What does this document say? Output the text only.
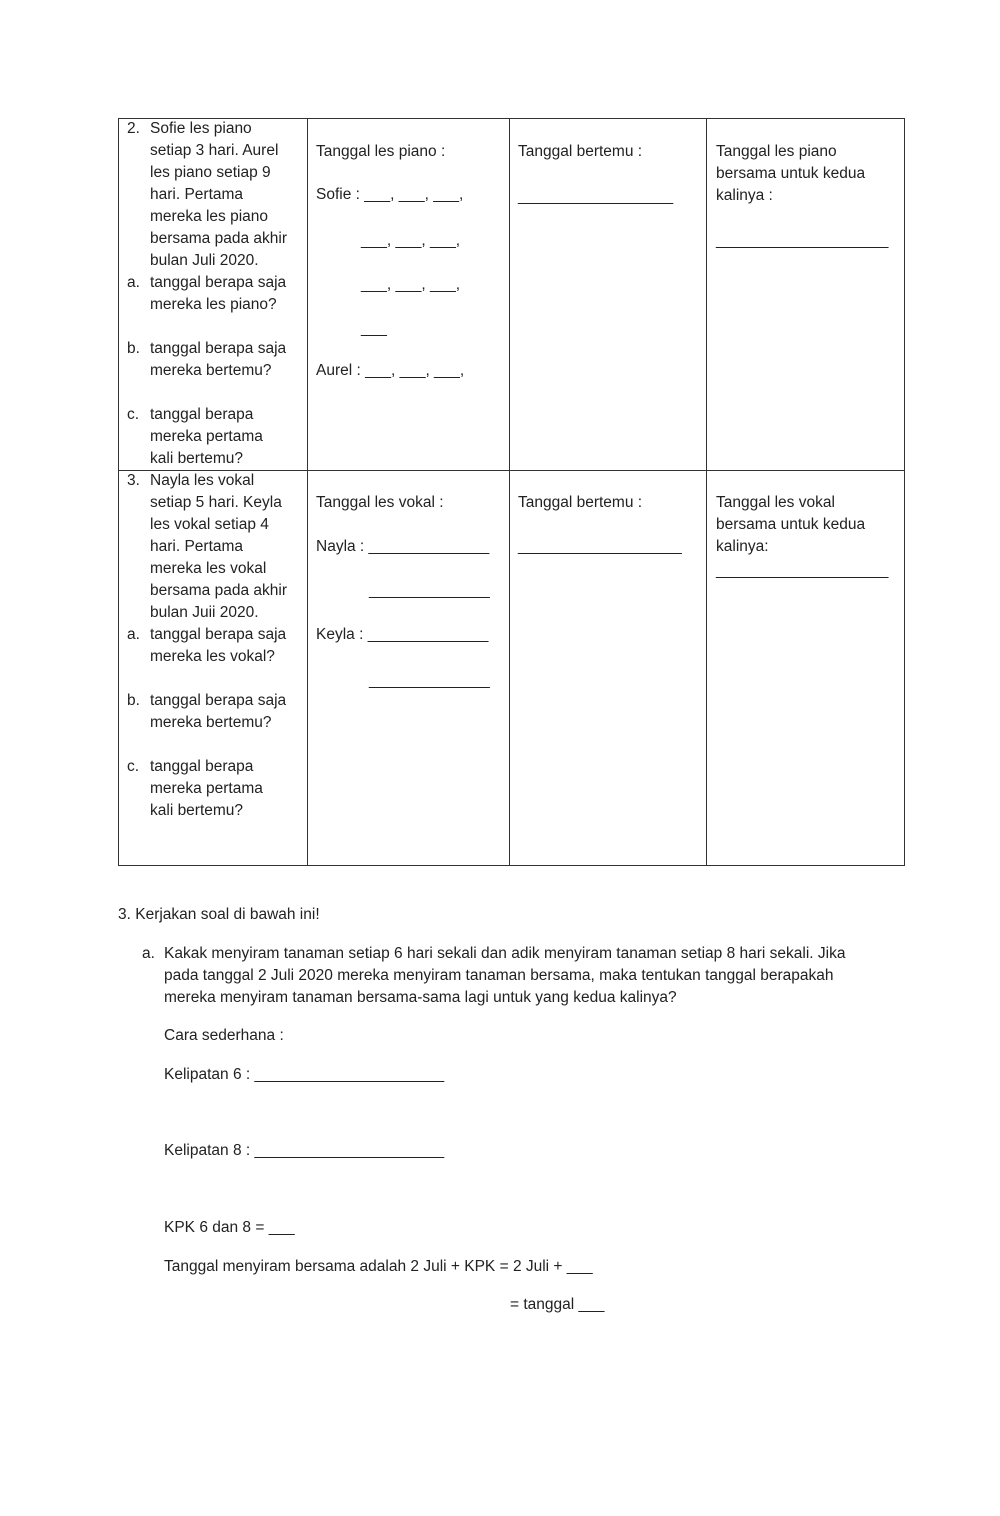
2. Sofie les piano
setiap 3 hari. Aurel
les piano setiap 9
hari. Pertama
mereka les piano
bersama pada akhir
bulan Juli 2020.
a. tanggal berapa saja
mereka les piano?
b. tanggal berapa saja
mereka bertemu?
c. tanggal berapa
mereka pertama
kali bertemu?
Tanggal les piano :
Sofie : ___, ___, ___,
___, ___, ___,
___, ___, ___,
___
Aurel : ___, ___, ___,
Tanggal bertemu :
__________________
Tanggal les piano
bersama untuk kedua
kalinya :
____________________
3. Nayla les vokal
setiap 5 hari. Keyla
les vokal setiap 4
hari. Pertama
mereka les vokal
bersama pada akhir
bulan Juii 2020.
a. tanggal berapa saja
mereka les vokal?
b. tanggal berapa saja
mereka bertemu?
c. tanggal berapa
mereka pertama
kali bertemu?
Tanggal les vokal :
Nayla : ______________
______________
Keyla : ______________
______________
Tanggal bertemu :
___________________
Tanggal les vokal
bersama untuk kedua
kalinya:
____________________
3. Kerjakan soal di bawah ini!
a. Kakak menyiram tanaman setiap 6 hari sekali dan adik menyiram tanaman setiap 8 hari sekali. Jika
pada tanggal 2 Juli 2020 mereka menyiram tanaman bersama, maka tentukan tanggal berapakah
mereka menyiram tanaman bersama-sama lagi untuk yang kedua kalinya?
Cara sederhana :
Kelipatan 6 : ______________________
Kelipatan 8 : ______________________
KPK 6 dan 8 = ___
Tanggal menyiram bersama adalah 2 Juli + KPK = 2 Juli + ___
= tanggal ___
